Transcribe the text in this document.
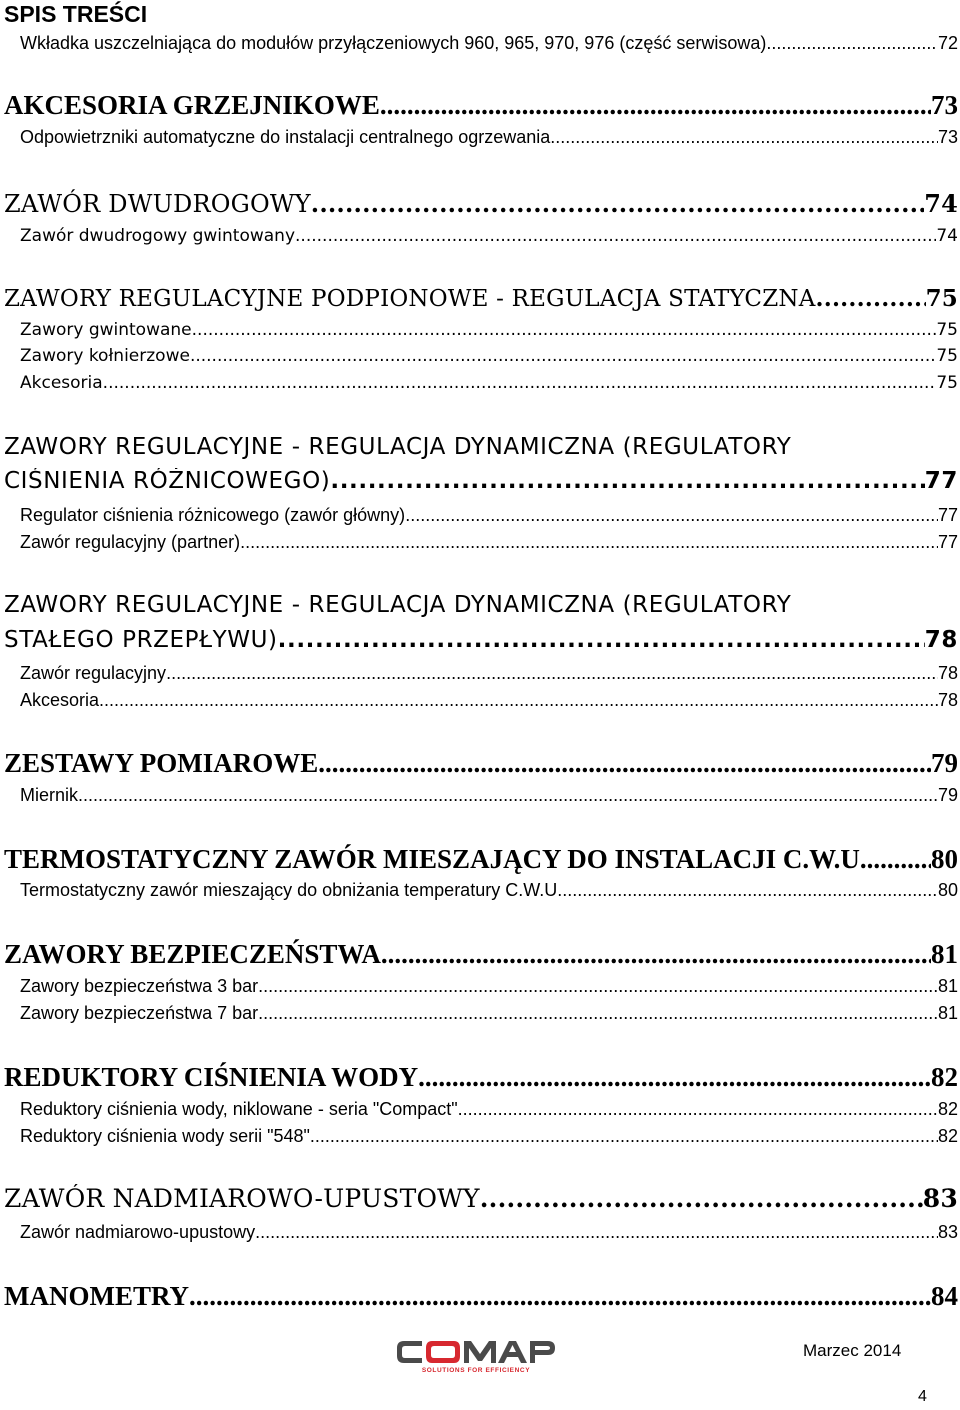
SPIS TREŚCI
Wkładka uszczelniająca do modułów przyłączeniowych 960, 965, 970, 976 (część serwisowa) .....	72
AKCESORIA GRZEJNIKOWE .....	73
Odpowietrzniki automatyczne do instalacji centralnego ogrzewania .....	73
ZAWÓR DWUDROGOWY .....	74
Zawór dwudrogowy gwintowany .....	74
ZAWORY REGULACYJNE PODPIONOWE - REGULACJA STATYCZNA .....	75
Zawory gwintowane .....	75
Zawory kołnierzowe .....	75
Akcesoria .....	75
ZAWORY REGULACYJNE - REGULACJA DYNAMICZNA (REGULATORY
CIŚNIENIA RÓŻNICOWEGO) .....	77
Regulator ciśnienia różnicowego (zawór główny) .....	77
Zawór regulacyjny (partner) .....	77
ZAWORY REGULACYJNE - REGULACJA DYNAMICZNA (REGULATORY
STAŁEGO PRZEPŁYWU) .....	78
Zawór regulacyjny .....	78
Akcesoria .....	78
ZESTAWY POMIAROWE .....	79
Miernik .....	79
TERMOSTATYCZNY ZAWÓR MIESZAJĄCY DO INSTALACJI C.W.U .....	80
Termostatyczny zawór mieszający do obniżania temperatury C.W.U .....	80
ZAWORY BEZPIECZEŃSTWA .....	81
Zawory bezpieczeństwa 3 bar .....	81
Zawory bezpieczeństwa 7 bar .....	81
REDUKTORY CIŚNIENIA WODY .....	82
Reduktory ciśnienia wody, niklowane - seria "Compact" .....	82
Reduktory ciśnienia wody serii "548" .....	82
ZAWÓR NADMIAROWO-UPUSTOWY .....	83
Zawór nadmiarowo-upustowy .....	83
MANOMETRY .....	84
SOLUTIONS FOR EFFICIENCY
Marzec 2014
4
